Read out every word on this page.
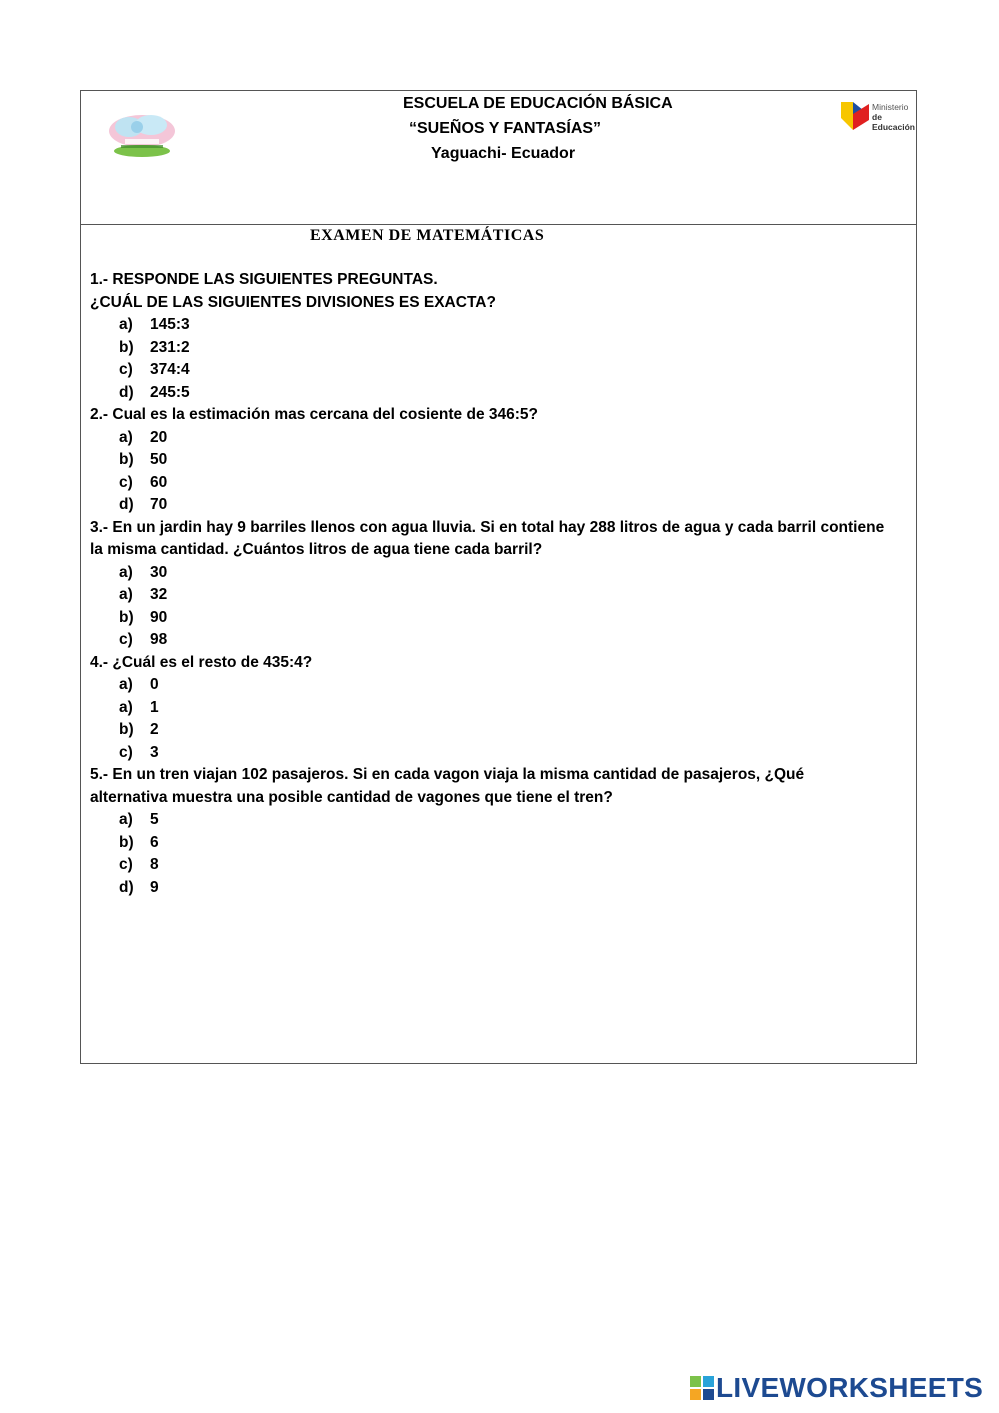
ESCUELA DE EDUCACIÓN BÁSICA
“SUEÑOS Y FANTASÍAS”
Yaguachi- Ecuador
Ministerio
de Educación
EXAMEN DE MATEMÁTICAS
1.- RESPONDE LAS SIGUIENTES PREGUNTAS.
¿CUÁL DE LAS SIGUIENTES DIVISIONES ES EXACTA?
a)	145:3
b)	231:2
c)	374:4
d)	245:5
2.- Cual es la estimación mas cercana del cosiente de 346:5?
a)	20
b)	50
c)	60
d)	70
3.- En un jardin hay 9 barriles llenos con agua lluvia. Si en total hay 288 litros de agua y cada barril contiene
la misma cantidad. ¿Cuántos litros de agua tiene cada barril?
a)	30
a)	32
b)	90
c)	98
4.- ¿Cuál es el resto de 435:4?
a)	0
a)	1
b)	2
c)	3
5.- En un tren viajan 102 pasajeros. Si en cada vagon viaja la misma cantidad de pasajeros, ¿Qué
alternativa muestra una posible cantidad de vagones que tiene el tren?
a)	5
b)	6
c)	8
d)	9
LIVEWORKSHEETS
